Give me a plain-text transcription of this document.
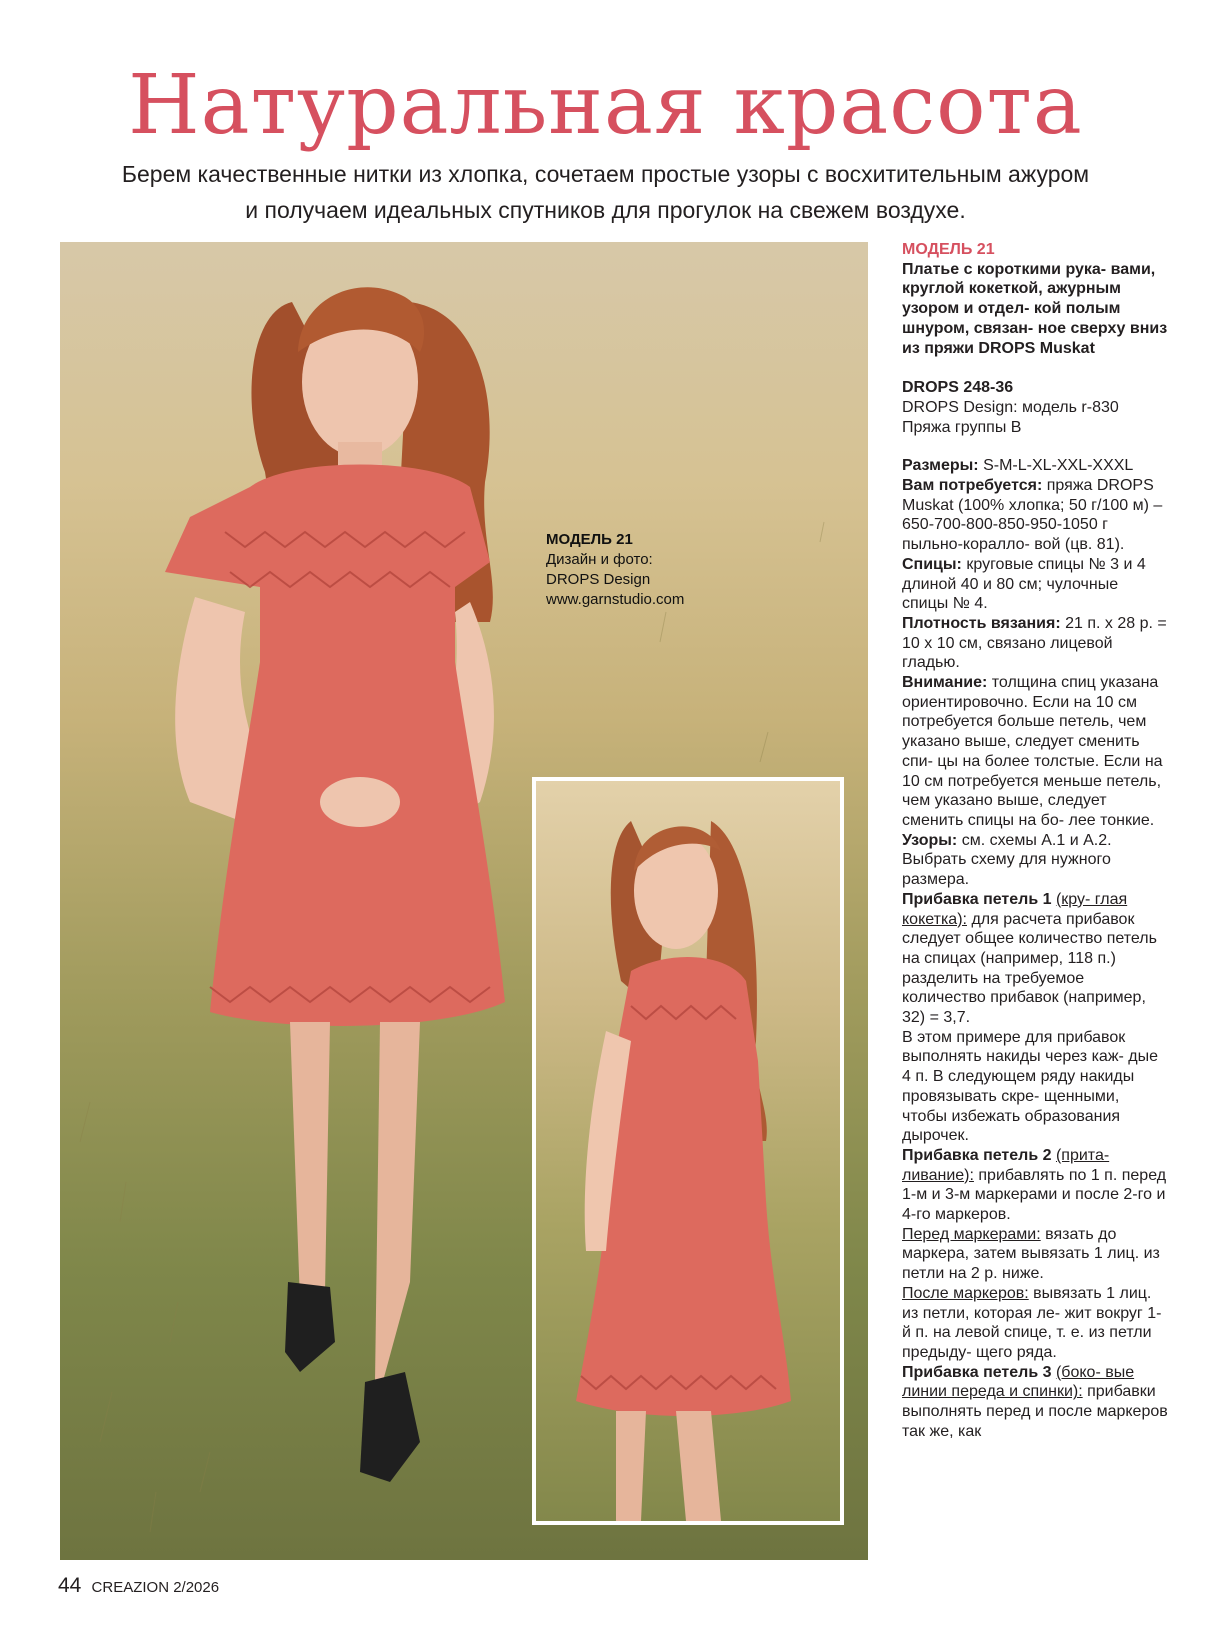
Натуральная красота
Берем качественные нитки из хлопка, сочетаем простые узоры с восхитительным ажуром
и получаем идеальных спутников для прогулок на свежем воздухе.
МОДЕЛЬ 21
Дизайн и фото:
DROPS Design
www.garnstudio.com

МОДЕЛЬ 21

Платье с короткими рука- вами, круглой кокеткой, ажурным узором и отдел- кой полым шнуром, связан- ное сверху вниз из пряжи DROPS Muskat

DROPS 248-36

DROPS Design: модель r-830

Пряжа группы B

Размеры: S-M-L-XL-XXL-XXXL

Вам потребуется: пряжа DROPS Muskat (100% хлопка; 50 г/100 м) – 650-700-800-850-950-1050 г пыльно-коралло- вой (цв. 81).

Спицы: круговые спицы № 3 и 4 длиной 40 и 80 см; чулочные спицы № 4.

Плотность вязания: 21 п. х 28 р. = 10 х 10 см, связано лицевой гладью.

Внимание: толщина спиц указана ориентировочно. Если на 10 см потребуется больше петель, чем указано выше, следует сменить спи- цы на более толстые. Если на 10 см потребуется меньше петель, чем указано выше, следует сменить спицы на бо- лее тонкие.

Узоры: см. схемы А.1 и А.2. Выбрать схему для нужного размера.

Прибавка петель 1 (кру- глая кокетка): для расчета прибавок следует общее количество петель на спицах (например, 118 п.) разделить на требуемое количество прибавок (например, 32) = 3,7.

В этом примере для прибавок выполнять накиды через каж- дые 4 п. В следующем ряду накиды провязывать скре- щенными, чтобы избежать образования дырочек.

Прибавка петель 2 (прита- ливание): прибавлять по 1 п. перед 1-м и 3-м маркерами и после 2-го и 4-го маркеров.

Перед маркерами: вязать до маркера, затем вывязать 1 лиц. из петли на 2 р. ниже.

После маркеров: вывязать 1 лиц. из петли, которая ле- жит вокруг 1-й п. на левой спице, т. е. из петли предыду- щего ряда.

Прибавка петель 3 (боко- вые линии переда и спинки): прибавки выполнять перед и после маркеров так же, как

44 CREAZION 2/2026
